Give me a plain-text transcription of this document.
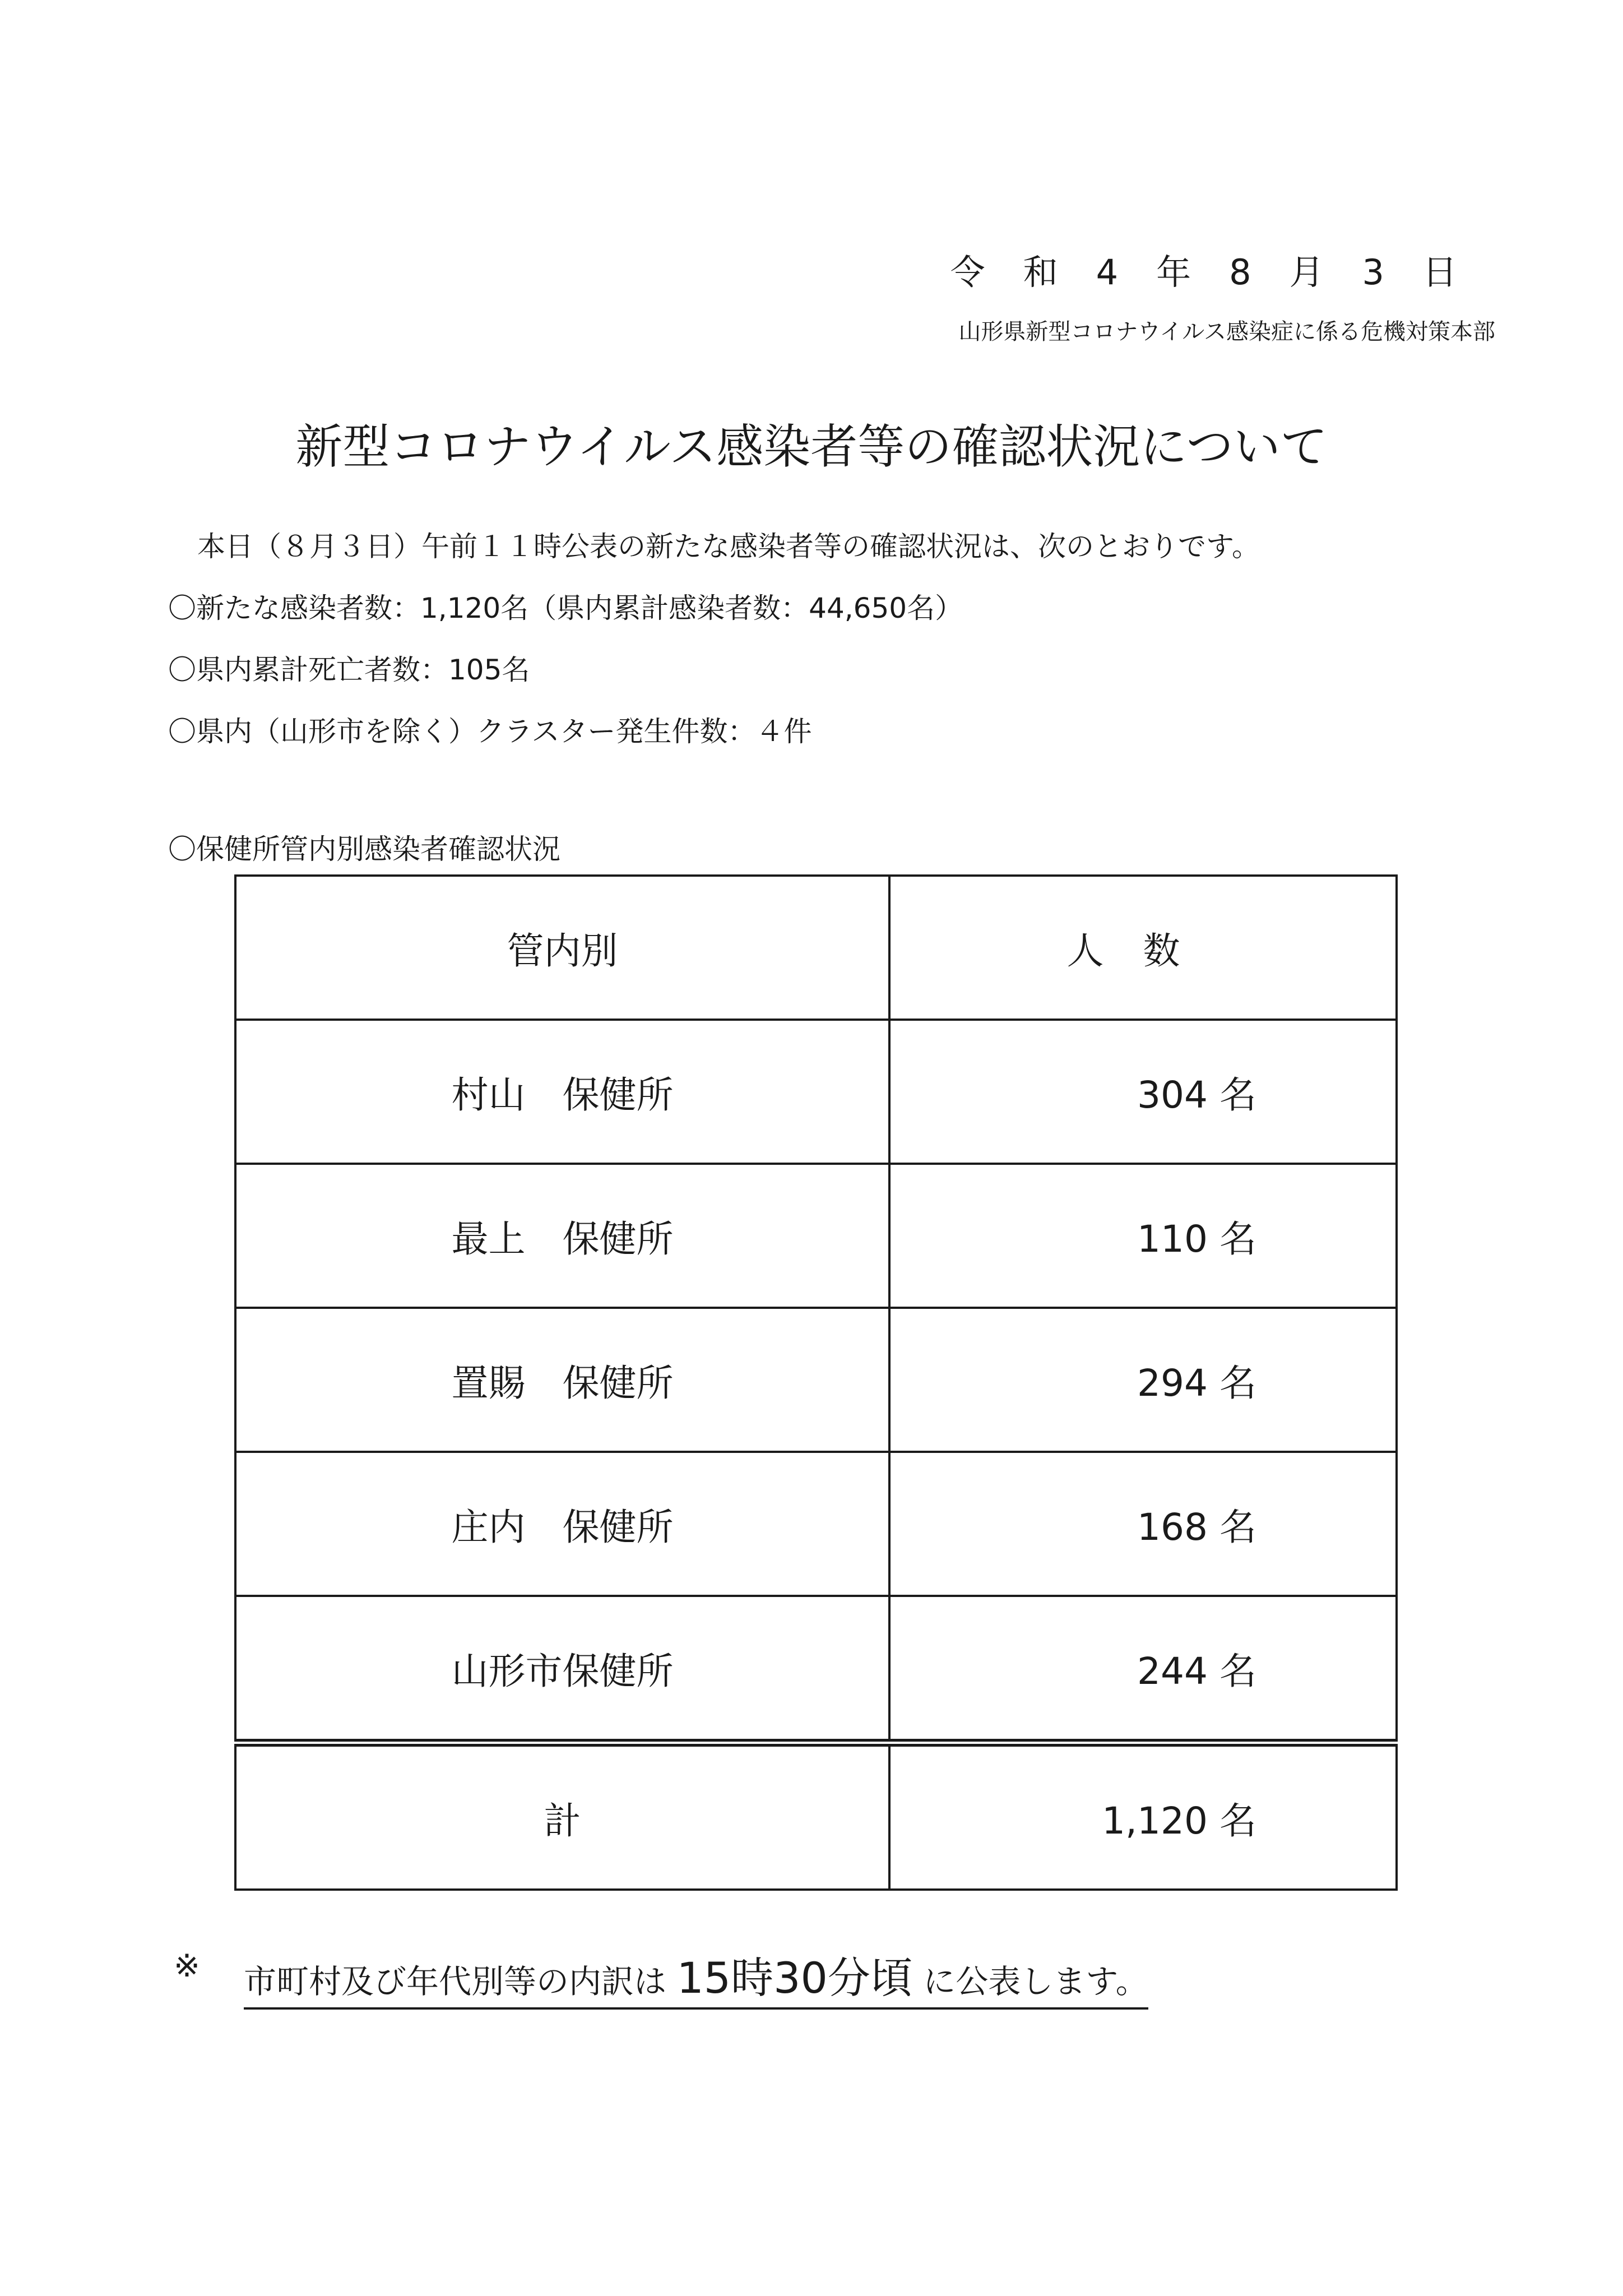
令和4年8月3日
山形県新型コロナウイルス感染症に係る危機対策本部
新型コロナウイルス感染者等の確認状況について
本日（８月３日）午前１１時公表の新たな感染者等の確認状況は、次のとおりです。
〇新たな感染者数：1,120名（県内累計感染者数：44,650名）
〇県内累計死亡者数：105名
〇県内（山形市を除く）クラスター発生件数：４件
〇保健所管内別感染者確認状況
管内別	人数
村山　保健所	304 名
最上　保健所	110 名
置賜　保健所	294 名
庄内　保健所	168 名
山形市保健所	244 名
計	1,120 名
※ 市町村及び年代別等の内訳は 15時30分頃 に公表します。
